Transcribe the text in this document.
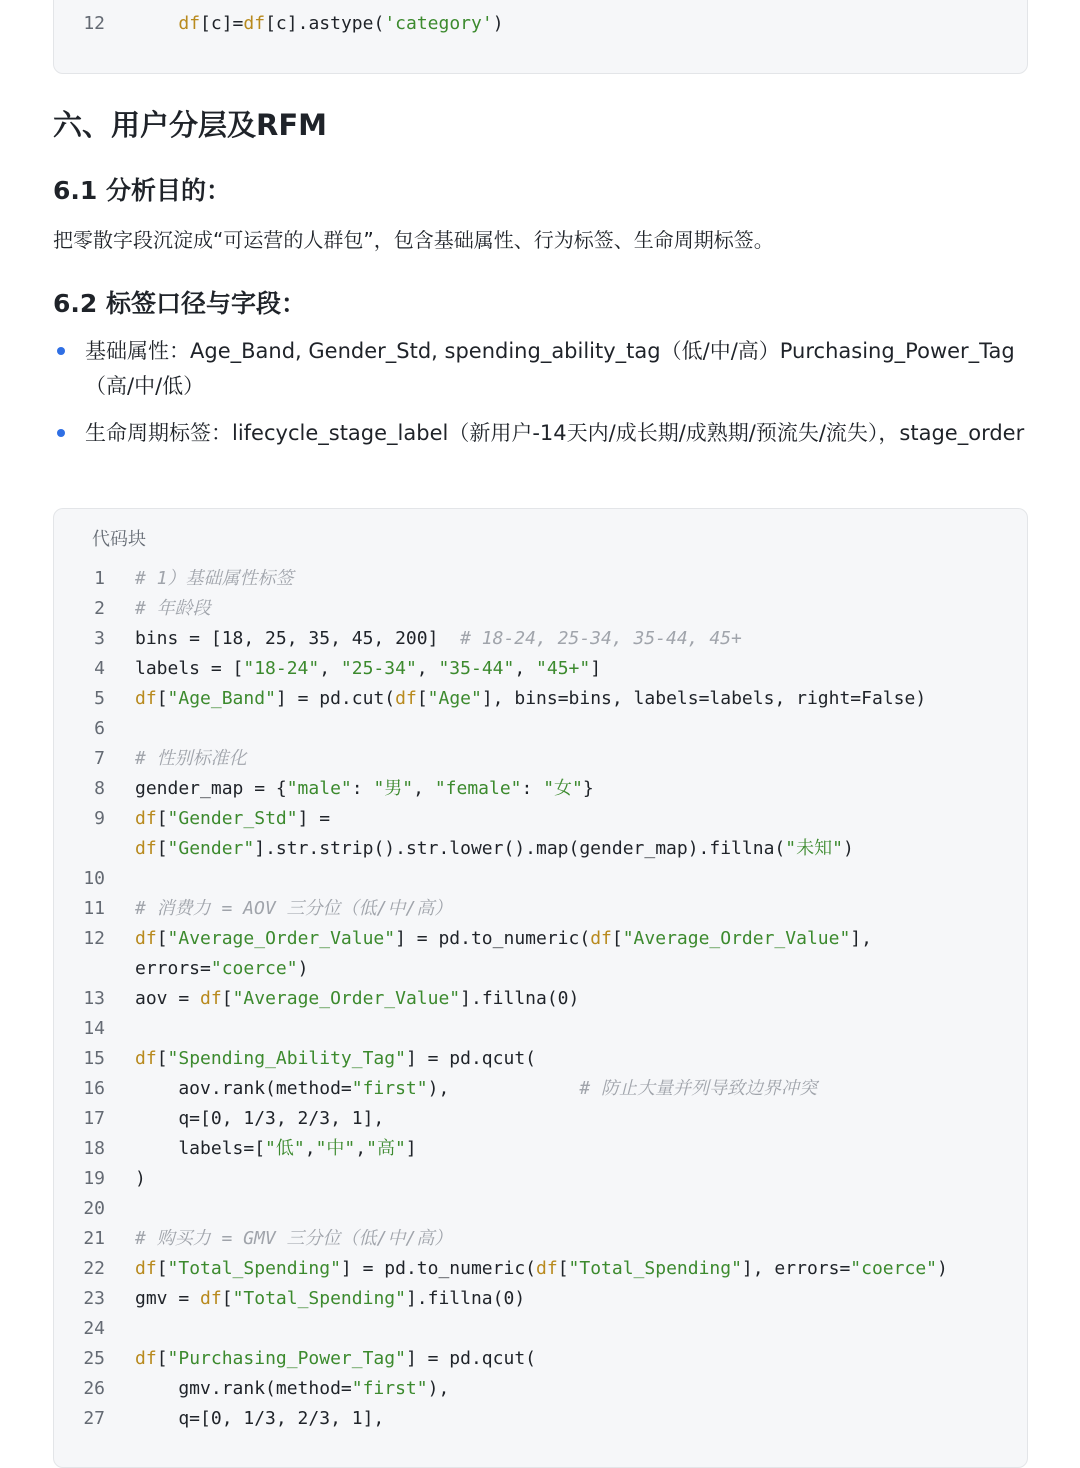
12	df[c]=df[c].astype('category')
六、用户分层及RFM
6.1 分析目的：

把零散字段沉淀成“可运营的人群包”，包含基础属性、行为标签、生命周期标签。

6.2 标签口径与字段：
基础属性：Age_Band, Gender_Std, spending_ability_tag（低/中/高）Purchasing_Power_Tag（高/中/低）
生命周期标签：lifecycle_stage_label（新用户-14天内/成长期/成熟期/预流失/流失），stage_order
代码块
1 # 1）基础属性标签
2 # 年龄段
3 bins = [18, 25, 35, 45, 200]  # 18-24, 25-34, 35-44, 45+
4 labels = ["18-24", "25-34", "35-44", "45+"]
5 df["Age_Band"] = pd.cut(df["Age"], bins=bins, labels=labels, right=False)
6
7 # 性别标准化
8 gender_map = {"male": "男", "female": "女"}
9 df["Gender_Std"] =
df["Gender"].str.strip().str.lower().map(gender_map).fillna("未知")
10
11 # 消费力 = AOV 三分位（低/中/高）
12 df["Average_Order_Value"] = pd.to_numeric(df["Average_Order_Value"],
errors="coerce")
13 aov = df["Average_Order_Value"].fillna(0)
14
15 df["Spending_Ability_Tag"] = pd.qcut(
16 aov.rank(method="first"),            # 防止大量并列导致边界冲突
17 q=[0, 1/3, 2/3, 1],
18 labels=["低","中","高"]
19 )
20
21 # 购买力 = GMV 三分位（低/中/高）
22 df["Total_Spending"] = pd.to_numeric(df["Total_Spending"], errors="coerce")
23 gmv = df["Total_Spending"].fillna(0)
24
25 df["Purchasing_Power_Tag"] = pd.qcut(
26 gmv.rank(method="first"),
27 q=[0, 1/3, 2/3, 1],
